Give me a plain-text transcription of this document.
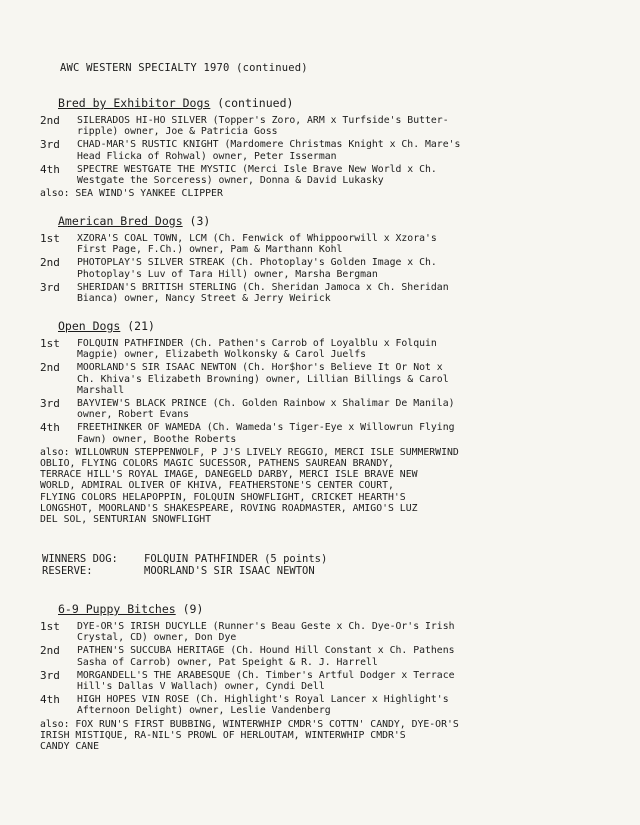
AWC WESTERN SPECIALTY 1970 (continued)
Bred by Exhibitor Dogs (continued)
2nd	SILERADOS HI-HO SILVER (Topper's Zoro, ARM x Turfside's Butter-
ripple) owner, Joe & Patricia Goss
3rd	CHAD-MAR'S RUSTIC KNIGHT (Mardomere Christmas Knight x Ch. Mare's
Head Flicka of Rohwal) owner, Peter Isserman
4th	SPECTRE WESTGATE THE MYSTIC (Merci Isle Brave New World x Ch.
Westgate the Sorceress) owner, Donna & David Lukasky
also: SEA WIND'S YANKEE CLIPPER
American Bred Dogs (3)
1st	XZORA'S COAL TOWN, LCM (Ch. Fenwick of Whippoorwill x Xzora's
First Page, F.Ch.) owner, Pam & Marthann Kohl
2nd	PHOTOPLAY'S SILVER STREAK (Ch. Photoplay's Golden Image x Ch.
Photoplay's Luv of Tara Hill) owner, Marsha Bergman
3rd	SHERIDAN'S BRITISH STERLING (Ch. Sheridan Jamoca x Ch. Sheridan
Bianca) owner, Nancy Street & Jerry Weirick
Open Dogs (21)
1st	FOLQUIN PATHFINDER (Ch. Pathen's Carrob of Loyalblu x Folquin
Magpie) owner, Elizabeth Wolkonsky & Carol Juelfs
2nd	MOORLAND'S SIR ISAAC NEWTON (Ch. Hor$hor's Believe It Or Not x
Ch. Khiva's Elizabeth Browning) owner, Lillian Billings & Carol
Marshall
3rd	BAYVIEW'S BLACK PRINCE (Ch. Golden Rainbow x Shalimar De Manila)
owner, Robert Evans
4th	FREETHINKER OF WAMEDA (Ch. Wameda's Tiger-Eye x Willowrun Flying
Fawn) owner, Boothe Roberts
also: WILLOWRUN STEPPENWOLF, P J'S LIVELY REGGIO, MERCI ISLE SUMMERWIND
OBLIO, FLYING COLORS MAGIC SUCESSOR, PATHENS SAUREAN BRANDY,
TERRACE HILL'S ROYAL IMAGE, DANEGELD DARBY, MERCI ISLE BRAVE NEW
WORLD, ADMIRAL OLIVER OF KHIVA, FEATHERSTONE'S CENTER COURT,
FLYING COLORS HELAPOPPIN, FOLQUIN SHOWFLIGHT, CRICKET HEARTH'S
LONGSHOT, MOORLAND'S SHAKESPEARE, ROVING ROADMASTER, AMIGO'S LUZ
DEL SOL, SENTURIAN SNOWFLIGHT
WINNERS DOG:	FOLQUIN PATHFINDER (5 points)
RESERVE:	MOORLAND'S SIR ISAAC NEWTON
6-9 Puppy Bitches (9)
1st	DYE-OR'S IRISH DUCYLLE (Runner's Beau Geste x Ch. Dye-Or's Irish
Crystal, CD) owner, Don Dye
2nd	PATHEN'S SUCCUBA HERITAGE (Ch. Hound Hill Constant x Ch. Pathens
Sasha of Carrob) owner, Pat Speight & R. J. Harrell
3rd	MORGANDELL'S THE ARABESQUE (Ch. Timber's Artful Dodger x Terrace
Hill's Dallas V Wallach) owner, Cyndi Dell
4th	HIGH HOPES VIN ROSE (Ch. Highlight's Royal Lancer x Highlight's
Afternoon Delight) owner, Leslie Vandenberg
also: FOX RUN'S FIRST BUBBING, WINTERWHIP CMDR'S COTTN' CANDY, DYE-OR'S
IRISH MISTIQUE, RA-NIL'S PROWL OF HERLOUTAM, WINTERWHIP CMDR'S
CANDY CANE
